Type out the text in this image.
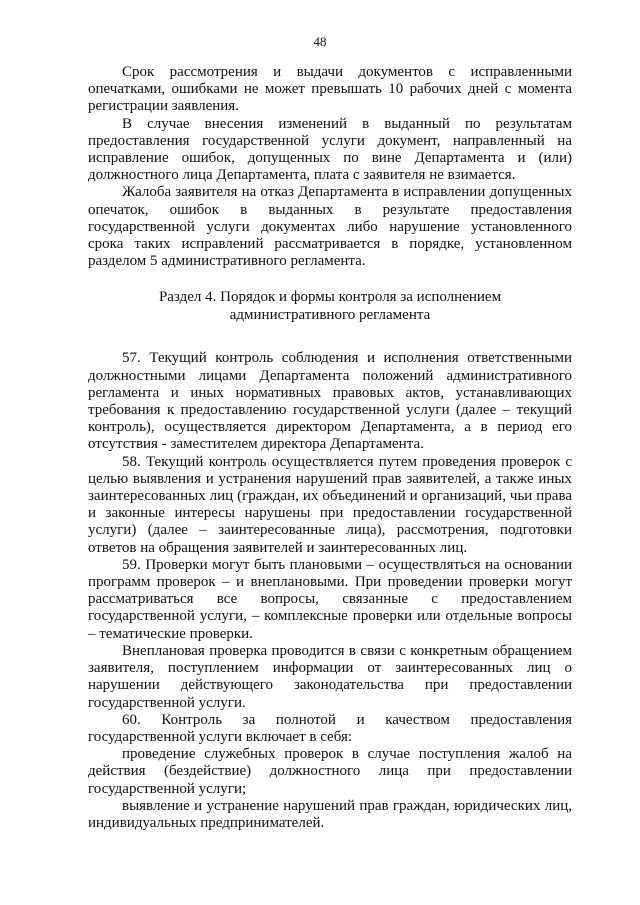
48

Срок рассмотрения и выдачи документов с исправленными опечатками, ошибками не может превышать 10 рабочих дней с момента регистрации заявления.

В случае внесения изменений в выданный по результатам предоставления государственной услуги документ, направленный на исправление ошибок, допущенных по вине Департамента и (или) должностного лица Департамента, плата с заявителя не взимается.

Жалоба заявителя на отказ Департамента в исправлении допущенных опечаток, ошибок в выданных в результате предоставления государственной услуги документах либо нарушение установленного срока таких исправлений рассматривается в порядке, установленном разделом 5 административного регламента.

Раздел 4. Порядок и формы контроля за исполнением
административного регламента

57. Текущий контроль соблюдения и исполнения ответственными должностными лицами Департамента положений административного регламента и иных нормативных правовых актов, устанавливающих требования к предоставлению государственной услуги (далее – текущий контроль), осуществляется директором Департамента, а в период его отсутствия - заместителем директора Департамента.

58. Текущий контроль осуществляется путем проведения проверок с целью выявления и устранения нарушений прав заявителей, а также иных заинтересованных лиц (граждан, их объединений и организаций, чьи права и законные интересы нарушены при предоставлении государственной услуги) (далее – заинтересованные лица), рассмотрения, подготовки ответов на обращения заявителей и заинтересованных лиц.

59. Проверки могут быть плановыми – осуществляться на основании программ проверок – и внеплановыми. При проведении проверки могут рассматриваться все вопросы, связанные с предоставлением государственной услуги, – комплексные проверки или отдельные вопросы – тематические проверки.

Внеплановая проверка проводится в связи с конкретным обращением заявителя, поступлением информации от заинтересованных лиц о нарушении действующего законодательства при предоставлении государственной услуги.

60. Контроль за полнотой и качеством предоставления государственной услуги включает в себя:

проведение служебных проверок в случае поступления жалоб на действия (бездействие) должностного лица при предоставлении государственной услуги;

выявление и устранение нарушений прав граждан, юридических лиц, индивидуальных предпринимателей.
